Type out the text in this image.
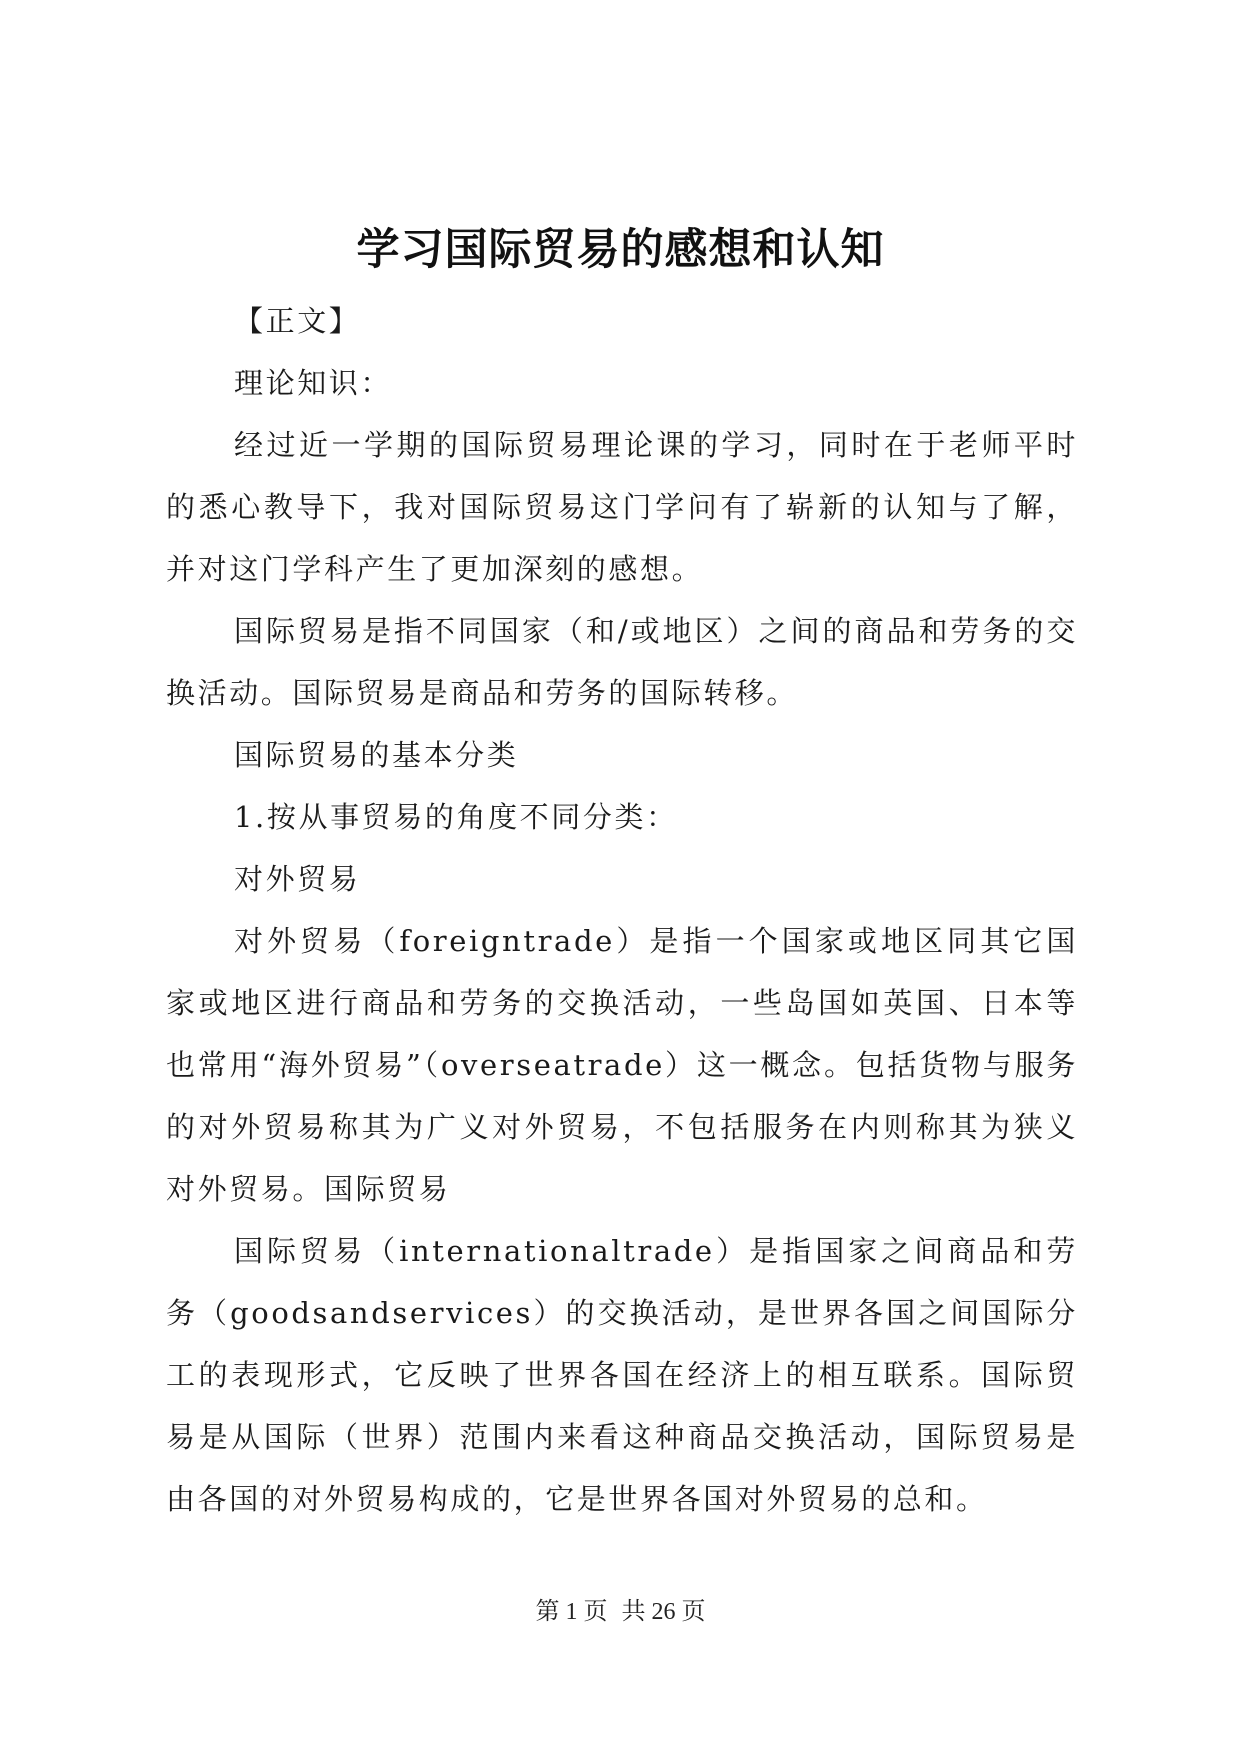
学习国际贸易的感想和认知

【正文】

理论知识：

经过近一学期的国际贸易理论课的学习，同时在于老师平时的悉心教导下，我对国际贸易这门学问有了崭新的认知与了解，并对这门学科产生了更加深刻的感想。

国际贸易是指不同国家（和/或地区）之间的商品和劳务的交换活动。国际贸易是商品和劳务的国际转移。

国际贸易的基本分类

1.按从事贸易的角度不同分类：

对外贸易

对外贸易（foreigntrade）是指一个国家或地区同其它国家或地区进行商品和劳务的交换活动，一些岛国如英国、日本等也常用“海外贸易”（overseatrade）这一概念。包括货物与服务的对外贸易称其为广义对外贸易，不包括服务在内则称其为狭义对外贸易。国际贸易

国际贸易（internationaltrade）是指国家之间商品和劳务（goodsandservices）的交换活动，是世界各国之间国际分工的表现形式，它反映了世界各国在经济上的相互联系。国际贸易是从国际（世界）范围内来看这种商品交换活动，国际贸易是由各国的对外贸易构成的，它是世界各国对外贸易的总和。

第 1 页 共 26 页
